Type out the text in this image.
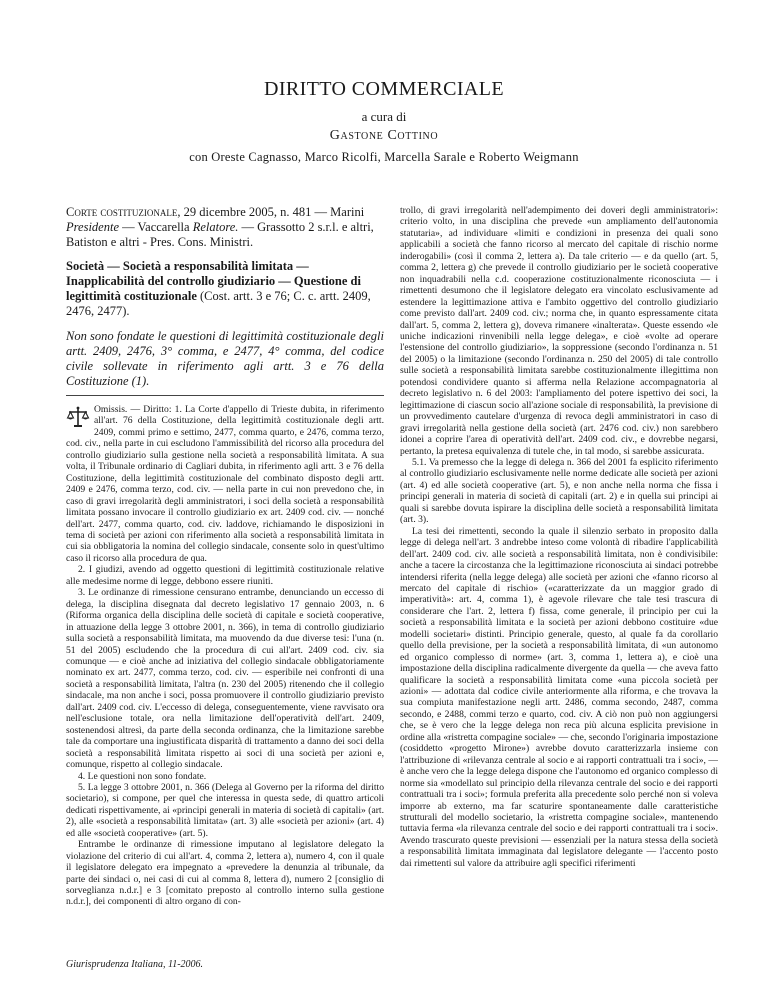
DIRITTO COMMERCIALE
a cura di
Gastone Cottino
con Oreste Cagnasso, Marco Ricolfi, Marcella Sarale e Roberto Weigmann

Corte costituzionale, 29 dicembre 2005, n. 481 — Marini Presidente — Vaccarella Relatore. — Grassotto 2 s.r.l. e altri, Batiston e altri - Pres. Cons. Ministri.

Società — Società a responsabilità limitata — Inapplicabilità del controllo giudiziario — Questione di legittimità costituzionale (Cost. artt. 3 e 76; C. c. artt. 2409, 2476, 2477).

Non sono fondate le questioni di legittimità costituzionale degli artt. 2409, 2476, 3° comma, e 2477, 4° comma, del codice civile sollevate in riferimento agli artt. 3 e 76 della Costituzione (1).

Omissis. — Diritto: 1. La Corte d'appello di Trieste dubita, in riferimento all'art. 76 della Costituzione, della legittimità costituzionale degli artt. 2409, commi primo e settimo, 2477, comma quarto, e 2476, comma terzo, cod. civ., nella parte in cui escludono l'ammissibilità del ricorso alla procedura del controllo giudiziario sulla gestione nella società a responsabilità limitata. A sua volta, il Tribunale ordinario di Cagliari dubita, in riferimento agli artt. 3 e 76 della Costituzione, della legittimità costituzionale del combinato disposto degli artt. 2409 e 2476, comma terzo, cod. civ. — nella parte in cui non prevedono che, in caso di gravi irregolarità degli amministratori, i soci della società a responsabilità limitata possano invocare il controllo giudiziario ex art. 2409 cod. civ. — nonché dell'art. 2477, comma quarto, cod. civ. laddove, richiamando le disposizioni in tema di società per azioni con riferimento alla società a responsabilità limitata in cui sia obbligatoria la nomina del collegio sindacale, consente solo in quest'ultimo caso il ricorso alla procedura de qua.

2. I giudizi, avendo ad oggetto questioni di legittimità costituzionale relative alle medesime norme di legge, debbono essere riuniti.

3. Le ordinanze di rimessione censurano entrambe, denunciando un eccesso di delega, la disciplina disegnata dal decreto legislativo 17 gennaio 2003, n. 6 (Riforma organica della disciplina delle società di capitale e società cooperative, in attuazione della legge 3 ottobre 2001, n. 366), in tema di controllo giudiziario sulla società a responsabilità limitata, ma muovendo da due diverse tesi: l'una (n. 51 del 2005) escludendo che la procedura di cui all'art. 2409 cod. civ. sia comunque — e cioè anche ad iniziativa del collegio sindacale obbligatoriamente nominato ex art. 2477, comma terzo, cod. civ. — esperibile nei confronti di una società a responsabilità limitata, l'altra (n. 230 del 2005) ritenendo che il collegio sindacale, ma non anche i soci, possa promuovere il controllo giudiziario previsto dall'art. 2409 cod. civ. L'eccesso di delega, conseguentemente, viene ravvisato ora nell'esclusione totale, ora nella limitazione dell'operatività dell'art. 2409, sostenendosi altresì, da parte della seconda ordinanza, che la limitazione sarebbe tale da comportare una ingiustificata disparità di trattamento a danno dei soci della società a responsabilità limitata rispetto ai soci di una società per azioni e, comunque, rispetto al collegio sindacale.

4. Le questioni non sono fondate.

5. La legge 3 ottobre 2001, n. 366 (Delega al Governo per la riforma del diritto societario), si compone, per quel che interessa in questa sede, di quattro articoli dedicati rispettivamente, ai «principi generali in materia di società di capitali» (art. 2), alle «società a responsabilità limitata» (art. 3) alle «società per azioni» (art. 4) ed alle «società cooperative» (art. 5).

Entrambe le ordinanze di rimessione imputano al legislatore delegato la violazione del criterio di cui all'art. 4, comma 2, lettera a), numero 4, con il quale il legislatore delegato era impegnato a «prevedere la denunzia al tribunale, da parte dei sindaci o, nei casi di cui al comma 8, lettera d), numero 2 [consiglio di sorveglianza n.d.r.] e 3 [comitato preposto al controllo interno sulla gestione n.d.r.], dei componenti di altro organo di con-

trollo, di gravi irregolarità nell'adempimento dei doveri degli amministratori»: criterio volto, in una disciplina che prevede «un ampliamento dell'autonomia statutaria», ad individuare «limiti e condizioni in presenza dei quali sono applicabili a società che fanno ricorso al mercato del capitale di rischio norme inderogabili» (così il comma 2, lettera a). Da tale criterio — e da quello (art. 5, comma 2, lettera g) che prevede il controllo giudiziario per le società cooperative non inquadrabili nella c.d. cooperazione costituzionalmente riconosciuta — i rimettenti desumono che il legislatore delegato era vincolato esclusivamente ad estendere la legittimazione attiva e l'ambito oggettivo del controllo giudiziario come previsto dall'art. 2409 cod. civ.; norma che, in quanto espressamente citata dall'art. 5, comma 2, lettera g), doveva rimanere «inalterata». Queste essendo «le uniche indicazioni rinvenibili nella legge delega», e cioè «volte ad operare l'estensione del controllo giudiziario», la soppressione (secondo l'ordinanza n. 51 del 2005) o la limitazione (secondo l'ordinanza n. 250 del 2005) di tale controllo sulle società a responsabilità limitata sarebbe costituzionalmente illegittima non potendosi condividere quanto si afferma nella Relazione accompagnatoria al decreto legislativo n. 6 del 2003: l'ampliamento del potere ispettivo dei soci, la legittimazione di ciascun socio all'azione sociale di responsabilità, la previsione di un provvedimento cautelare d'urgenza di revoca degli amministratori in caso di gravi irregolarità nella gestione della società (art. 2476 cod. civ.) non sarebbero idonei a coprire l'area di operatività dell'art. 2409 cod. civ., e dovrebbe negarsi, pertanto, la pretesa equivalenza di tutele che, in tal modo, si sarebbe assicurata.

5.1. Va premesso che la legge di delega n. 366 del 2001 fa esplicito riferimento al controllo giudiziario esclusivamente nelle norme dedicate alle società per azioni (art. 4) ed alle società cooperative (art. 5), e non anche nella norma che fissa i principi generali in materia di società di capitali (art. 2) e in quella sui principi ai quali si sarebbe dovuta ispirare la disciplina delle società a responsabilità limitata (art. 3).

La tesi dei rimettenti, secondo la quale il silenzio serbato in proposito dalla legge di delega nell'art. 3 andrebbe inteso come volontà di ribadire l'applicabilità dell'art. 2409 cod. civ. alle società a responsabilità limitata, non è condivisibile: anche a tacere la circostanza che la legittimazione riconosciuta ai sindaci potrebbe intendersi riferita (nella legge delega) alle società per azioni che «fanno ricorso al mercato del capitale di rischio» («caratterizzate da un maggior grado di imperatività»: art. 4, comma 1), è agevole rilevare che tale tesi trascura di considerare che l'art. 2, lettera f) fissa, come generale, il principio per cui la società a responsabilità limitata e la società per azioni debbono costituire «due modelli societari» distinti. Principio generale, questo, al quale fa da corollario quello della previsione, per la società a responsabilità limitata, di «un autonomo ed organico complesso di norme» (art. 3, comma 1, lettera a), e cioè una impostazione della disciplina radicalmente divergente da quella — che aveva fatto qualificare la società a responsabilità limitata come «una piccola società per azioni» — adottata dal codice civile anteriormente alla riforma, e che trovava la sua compiuta manifestazione negli artt. 2486, comma secondo, 2487, comma secondo, e 2488, commi terzo e quarto, cod. civ. A ciò non può non aggiungersi che, se è vero che la legge delega non reca più alcuna esplicita previsione in ordine alla «ristretta compagine sociale» — che, secondo l'originaria impostazione (cosiddetto «progetto Mirone») avrebbe dovuto caratterizzarla insieme con l'attribuzione di «rilevanza centrale al socio e ai rapporti contrattuali tra i soci», — è anche vero che la legge delega dispone che l'autonomo ed organico complesso di norme sia «modellato sul principio della rilevanza centrale del socio e dei rapporti contrattuali tra i soci»; formula preferita alla precedente solo perché non si voleva imporre ab externo, ma far scaturire spontaneamente dalle caratteristiche strutturali del modello societario, la «ristretta compagine sociale», mantenendo tuttavia ferma «la rilevanza centrale del socio e dei rapporti contrattuali tra i soci». Avendo trascurato queste previsioni — essenziali per la natura stessa della società a responsabilità limitata immaginata dal legislatore delegante — l'accento posto dai rimettenti sul valore da attribuire agli specifici riferimenti

Giurisprudenza Italiana, 11-2006.
